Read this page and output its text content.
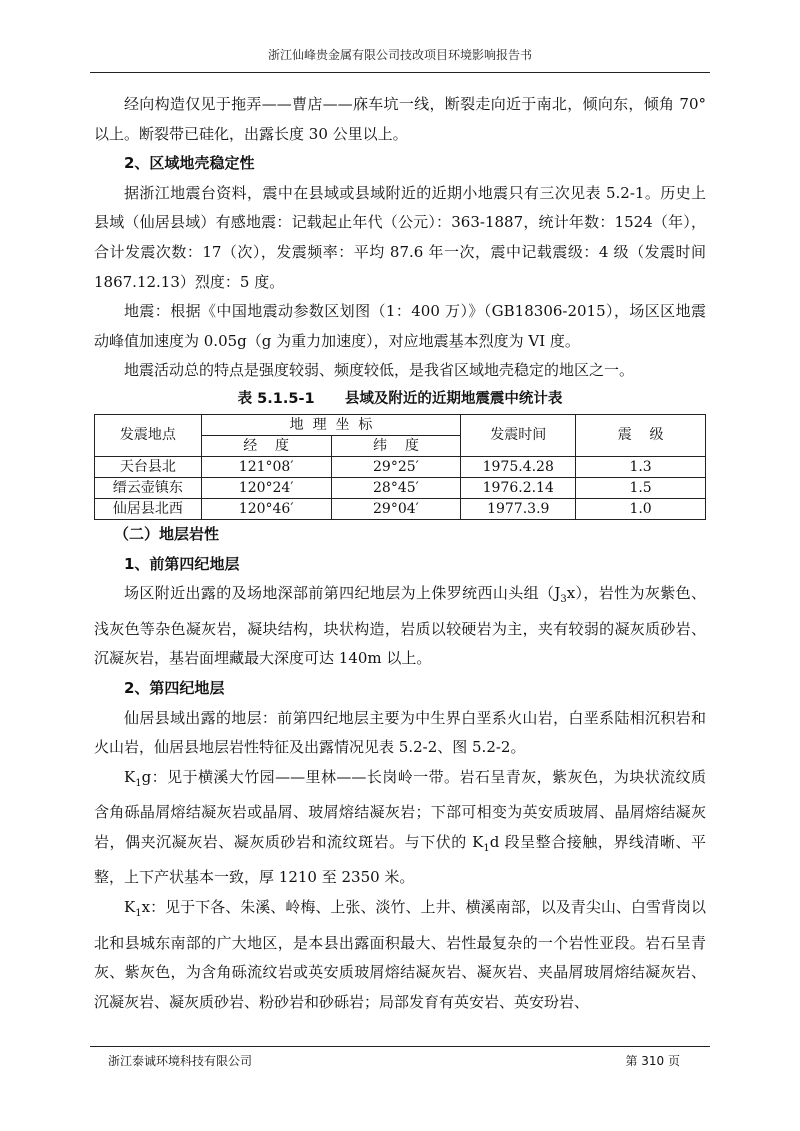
浙江仙峰贵金属有限公司技改项目环境影响报告书

经向构造仅见于拖弄——曹店——庥车坑一线，断裂走向近于南北，倾向东，倾角 70°以上。断裂带已硅化，出露长度 30 公里以上。

2、区域地壳稳定性

据浙江地震台资料，震中在县域或县域附近的近期小地震只有三次见表 5.2-1。历史上县域（仙居县域）有感地震：记载起止年代（公元）：363-1887，统计年数：1524（年），合计发震次数：17（次），发震频率：平均 87.6 年一次，震中记载震级：4 级（发震时间 1867.12.13）烈度：5 度。

地震：根据《中国地震动参数区划图（1：400 万）》（GB18306-2015），场区区地震动峰值加速度为 0.05g（g 为重力加速度），对应地震基本烈度为 VI 度。

地震活动总的特点是强度较弱、频度较低，是我省区域地壳稳定的地区之一。

表 5.1.5-1      县域及附近的近期地震震中统计表
发震地点	地  理  坐  标		发震时间	震    级
	经    度	纬    度		
天台县北	121°08′	29°25′	1975.4.28	1.3
缙云壶镇东	120°24′	28°45′	1976.2.14	1.5
仙居县北西	120°46′	29°04′	1977.3.9	1.0
（二）地层岩性
1、前第四纪地层

场区附近出露的及场地深部前第四纪地层为上侏罗统西山头组$(J_3x)$，岩性为灰紫色、浅灰色等杂色凝灰岩，凝块结构，块状构造，岩质以较硬岩为主，夹有较弱的凝灰质砂岩、沉凝灰岩，基岩面埋藏最大深度可达 140m 以上。

2、第四纪地层

仙居县域出露的地层：前第四纪地层主要为中生界白垩系火山岩，白垩系陆相沉积岩和火山岩，仙居县地层岩性特征及出露情况见表 5.2-2、图 5.2-2。

$K_1g$：见于横溪大竹园——里林——长岗岭一带。岩石呈青灰，紫灰色，为块状流纹质含角砾晶屑熔结凝灰岩或晶屑、玻屑熔结凝灰岩；下部可相变为英安质玻屑、晶屑熔结凝灰岩，偶夹沉凝灰岩、凝灰质砂岩和流纹斑岩。与下伏的 $K_1d$ 段呈整合接触，界线清晰、平整，上下产状基本一致，厚 1210 至 2350 米。

$K_1x$：见于下各、朱溪、岭梅、上张、淡竹、上井、横溪南部，以及青尖山、白雪背岗以北和县城东南部的广大地区，是本县出露面积最大、岩性最复杂的一个岩性亚段。岩石呈青灰、紫灰色，为含角砾流纹岩或英安质玻屑熔结凝灰岩、凝灰岩、夹晶屑玻屑熔结凝灰岩、沉凝灰岩、凝灰质砂岩、粉砂岩和砂砾岩；局部发育有英安岩、英安玢岩、

浙江泰诚环境科技有限公司	第 310 页
